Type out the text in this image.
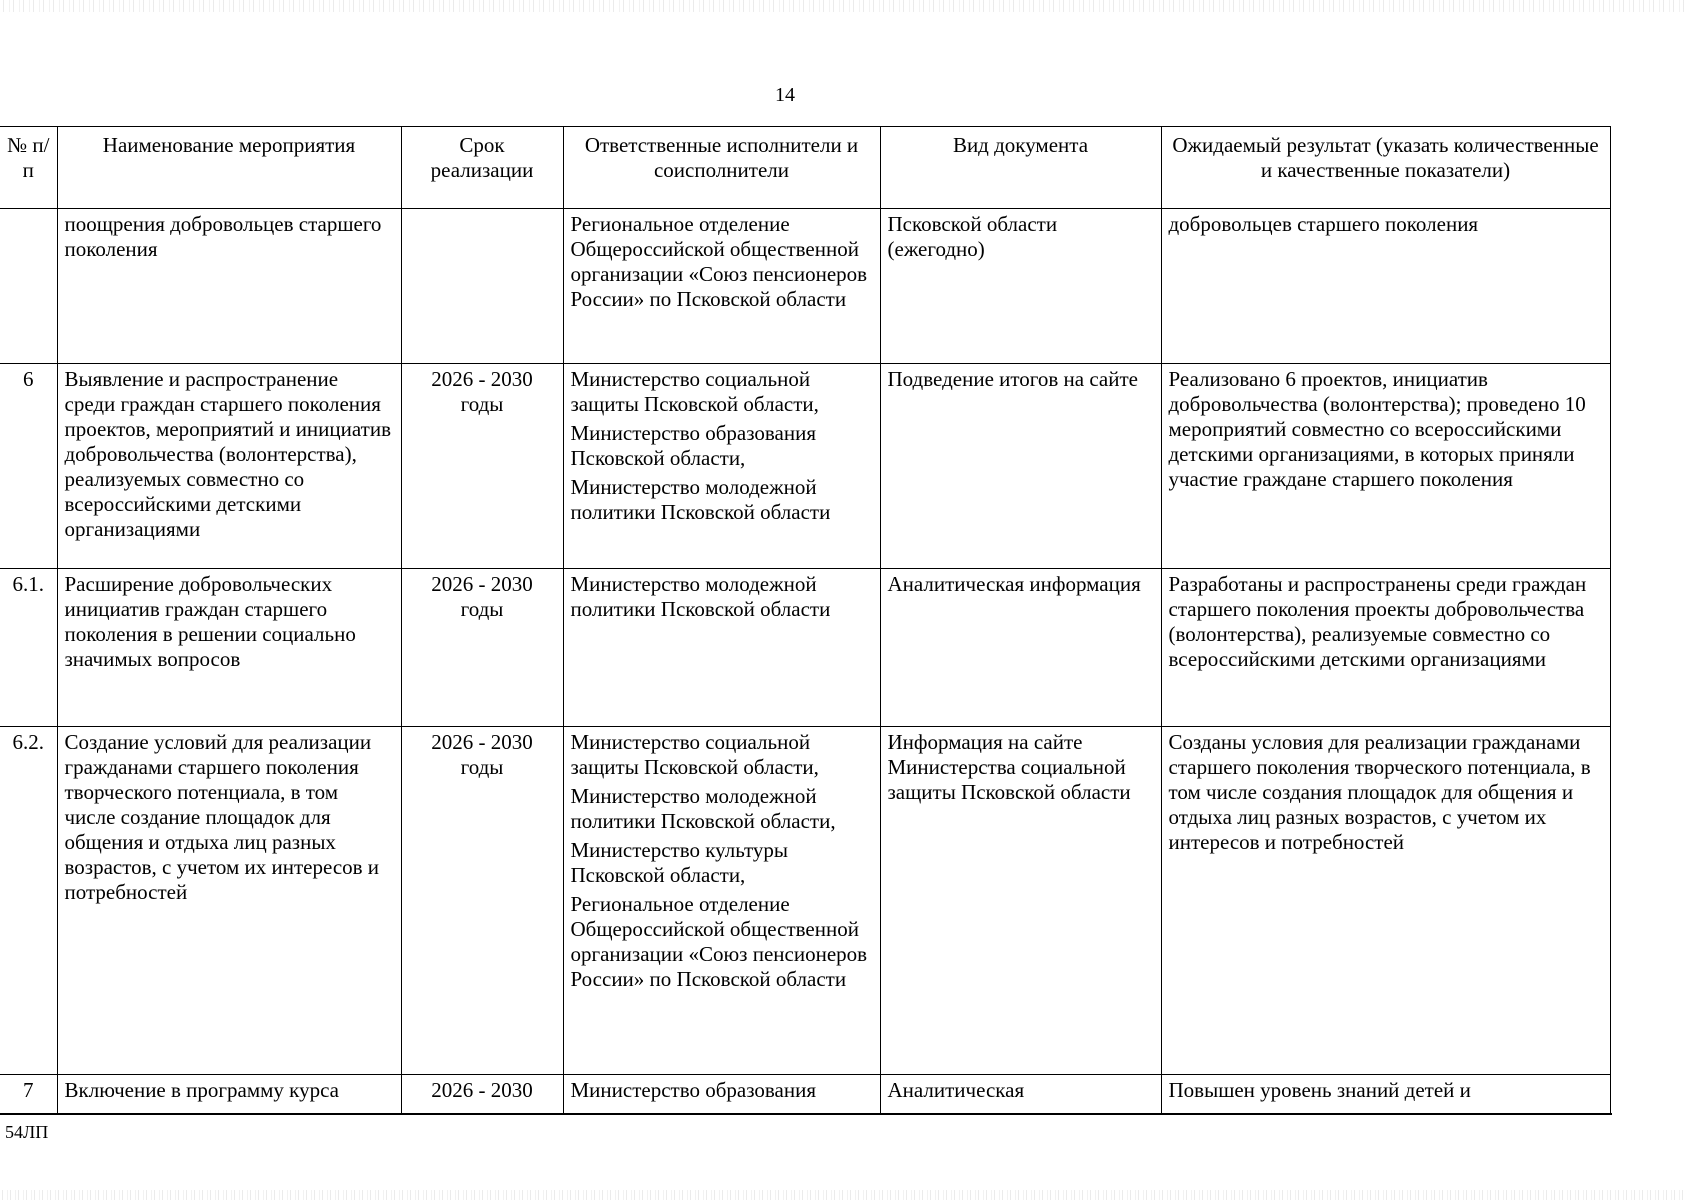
14
№ п/п	Наименование мероприятия	Срок реализации	Ответственные исполнители и соисполнители	Вид документа	Ожидаемый результат (указать количественные и качественные показатели)
	поощрения добровольцев старшего поколения		Региональное отделение Общероссийской общественной организации «Союз пенсионеров России» по Псковской области	Псковской области (ежегодно)	добровольцев старшего поколения
6	Выявление и распространение среди граждан старшего поколения проектов, мероприятий и инициатив добровольчества (волонтерства), реализуемых совместно со всероссийскими детскими организациями	2026 - 2030 годы	Министерство социальной защиты Псковской области,
Министерство образования Псковской области,
Министерство молодежной политики Псковской области	Подведение итогов на сайте	Реализовано 6 проектов, инициатив добровольчества (волонтерства); проведено 10 мероприятий совместно со всероссийскими детскими организациями, в которых приняли участие граждане старшего поколения
6.1.	Расширение добровольческих инициатив граждан старшего поколения в решении социально значимых вопросов	2026 - 2030 годы	Министерство молодежной политики Псковской области	Аналитическая информация	Разработаны и распространены среди граждан старшего поколения проекты добровольчества (волонтерства), реализуемые совместно со всероссийскими детскими организациями
6.2.	Создание условий для реализации гражданами старшего поколения творческого потенциала, в том числе создание площадок для общения и отдыха лиц разных возрастов, с учетом их интересов и потребностей	2026 - 2030 годы	Министерство социальной защиты Псковской области,
Министерство молодежной политики Псковской области,
Министерство культуры Псковской области,
Региональное отделение Общероссийской общественной организации «Союз пенсионеров России» по Псковской области	Информация на сайте Министерства социальной защиты Псковской области	Созданы условия для реализации гражданами старшего поколения творческого потенциала, в том числе создания площадок для общения и отдыха лиц разных возрастов, с учетом их интересов и потребностей
7	Включение в программу курса	2026 - 2030	Министерство образования	Аналитическая	Повышен уровень знаний детей и
54ЛП
